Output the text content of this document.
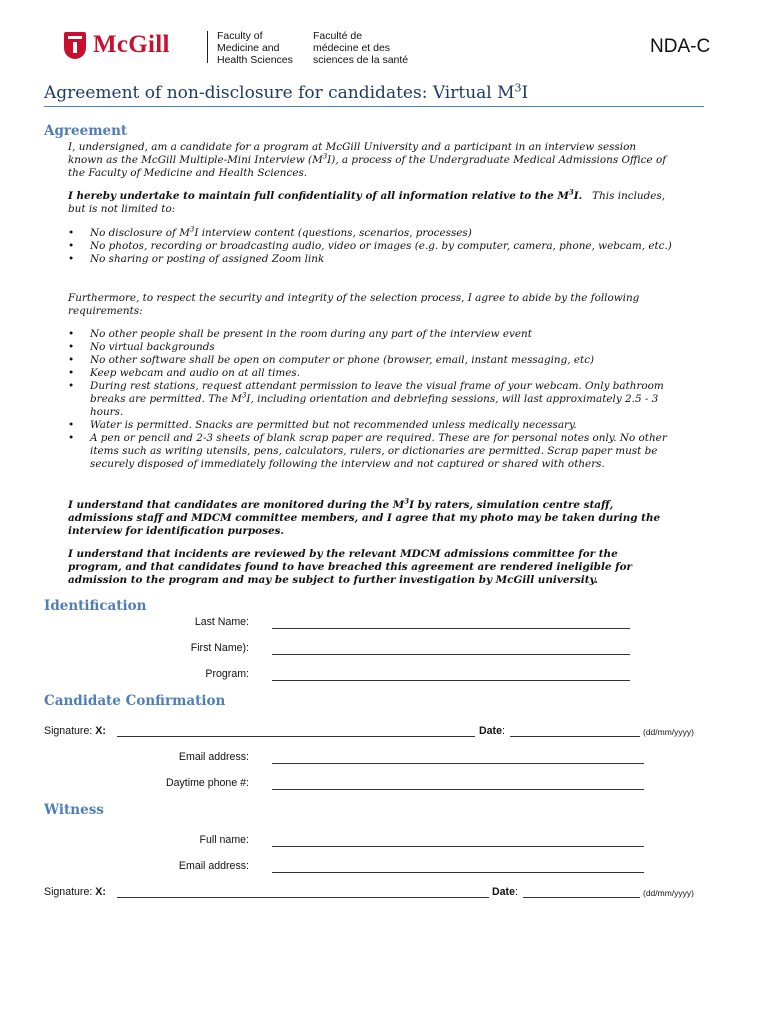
McGill	Faculty of
Medicine and
Health Sciences
Faculté de
médecine et des
sciences de la santé
NDA-C
Agreement of non-disclosure for candidates: Virtual $M^3I$
Agreement

I, undersigned, am a candidate for a program at McGill University and a participant in an interview session known as the McGill Multiple-Mini Interview $(M^3I)$, a process of the Undergraduate Medical Admissions Office of the Faculty of Medicine and Health Sciences.

I hereby undertake to maintain full confidentiality of all information relative to the $M^3I$. This includes, but is not limited to:

• No disclosure of $M^3I$ interview content (questions, scenarios, processes)
• No photos, recording or broadcasting audio, video or images (e.g. by computer, camera, phone, webcam, etc.)
• No sharing or posting of assigned Zoom link
Furthermore, to respect the security and integrity of the selection process, I agree to abide by the following requirements:
• No other people shall be present in the room during any part of the interview event
• No virtual backgrounds
• No other software shall be open on computer or phone (browser, email, instant messaging, etc)
• Keep webcam and audio on at all times.
• During rest stations, request attendant permission to leave the visual frame of your webcam. Only bathroom breaks are permitted. The $M^3I$, including orientation and debriefing sessions, will last approximately 2.5 - 3 hours.
• Water is permitted. Snacks are permitted but not recommended unless medically necessary.
• A pen or pencil and 2-3 sheets of blank scrap paper are required. These are for personal notes only. No other items such as writing utensils, pens, calculators, rulers, or dictionaries are permitted. Scrap paper must be securely disposed of immediately following the interview and not captured or shared with others.

I understand that candidates are monitored during the $M^3I$ by raters, simulation centre staff, admissions staff and MDCM committee members, and I agree that my photo may be taken during the interview for identification purposes.

I understand that incidents are reviewed by the relevant MDCM admissions committee for the program, and that candidates found to have breached this agreement are rendered ineligible for admission to the program and may be subject to further investigation by McGill university.

Identification
Last Name:
First Name):
Program:
Candidate Confirmation
Signature: X:	Date:	(dd/mm/yyyy)
Email address:
Daytime phone #:
Witness
Full name:
Email address:
Signature: X:	Date:	(dd/mm/yyyy)
